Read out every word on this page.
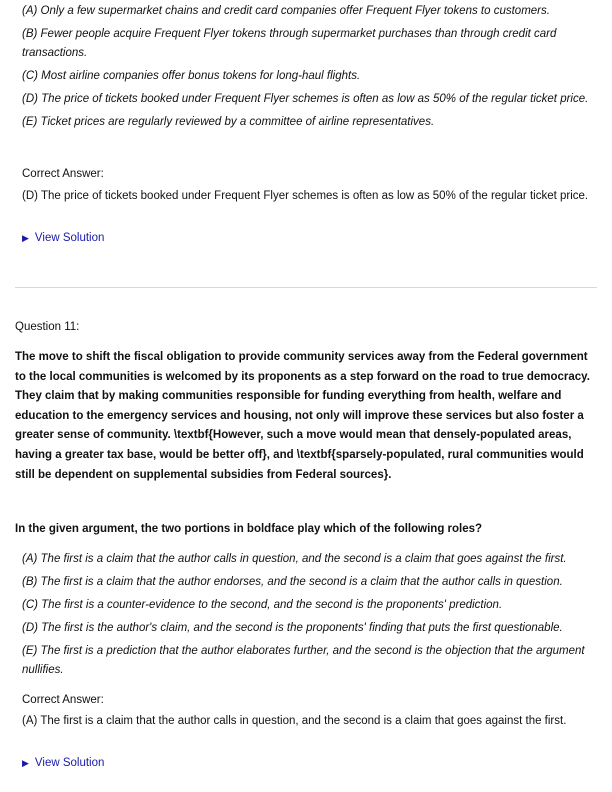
(A) Only a few supermarket chains and credit card companies offer Frequent Flyer tokens to customers.
(B) Fewer people acquire Frequent Flyer tokens through supermarket purchases than through credit card transactions.
(C) Most airline companies offer bonus tokens for long-haul flights.
(D) The price of tickets booked under Frequent Flyer schemes is often as low as 50% of the regular ticket price.
(E) Ticket prices are regularly reviewed by a committee of airline representatives.
Correct Answer:
(D) The price of tickets booked under Frequent Flyer schemes is often as low as 50% of the regular ticket price.
▶ View Solution
Question 11:
The move to shift the fiscal obligation to provide community services away from the Federal government to the local communities is welcomed by its proponents as a step forward on the road to true democracy. They claim that by making communities responsible for funding everything from health, welfare and education to the emergency services and housing, not only will improve these services but also foster a greater sense of community. \textbf{However, such a move would mean that densely-populated areas, having a greater tax base, would be better off}, and \textbf{sparsely-populated, rural communities would still be dependent on supplemental subsidies from Federal sources}.
In the given argument, the two portions in boldface play which of the following roles?
(A) The first is a claim that the author calls in question, and the second is a claim that goes against the first.
(B) The first is a claim that the author endorses, and the second is a claim that the author calls in question.
(C) The first is a counter-evidence to the second, and the second is the proponents' prediction.
(D) The first is the author's claim, and the second is the proponents' finding that puts the first questionable.
(E) The first is a prediction that the author elaborates further, and the second is the objection that the argument nullifies.
Correct Answer:
(A) The first is a claim that the author calls in question, and the second is a claim that goes against the first.
▶ View Solution
